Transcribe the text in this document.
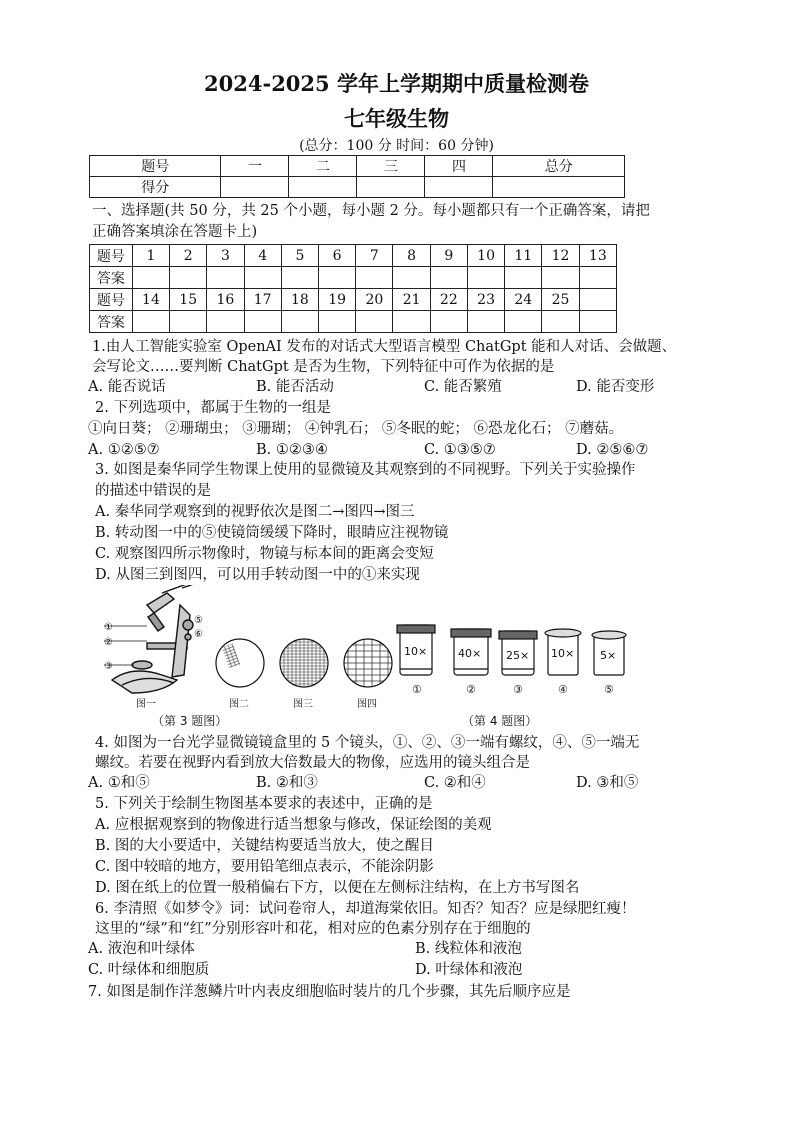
2024-2025 学年上学期期中质量检测卷
七年级生物
(总分：100 分 时间：60 分钟)
题号	一	二	三	四	总分
得分					
一、选择题(共 50 分，共 25 个小题，每小题 2 分。每小题都只有一个正确答案，请把
正确答案填涂在答题卡上)
题号	1	2	3	4	5	6	7	8	9	10	11	12	13
答案													
题号	14	15	16	17	18	19	20	21	22	23	24	25	
答案													
1.由人工智能实验室 OpenAI 发布的对话式大型语言模型 ChatGpt 能和人对话、会做题、
会写论文……要判断 ChatGpt 是否为生物，下列特征中可作为依据的是
A. 能否说话	B. 能否活动	C. 能否繁殖	D. 能否变形
2. 下列选项中，都属于生物的一组是
①向日葵； ②珊瑚虫； ③珊瑚； ④钟乳石； ⑤冬眠的蛇； ⑥恐龙化石； ⑦蘑菇。
A. ①②⑤⑦	B. ①②③④	C. ①③⑤⑦	D. ②⑤⑥⑦
3. 如图是秦华同学生物课上使用的显微镜及其观察到的不同视野。下列关于实验操作
的描述中错误的是
A. 秦华同学观察到的视野依次是图二→图四→图三
B. 转动图一中的⑤使镜筒缓缓下降时，眼睛应注视物镜
C. 观察图四所示物像时，物镜与标本间的距离会变短
D. 从图三到图四，可以用手转动图一中的①来实现
①
②
③
⑤
⑥
图一	图二	图三	图四
10×	40× 25× 10× 5×
①	②	③	④	⑤
（第 3 题图）	（第 4 题图）
4. 如图为一台光学显微镜镜盒里的 5 个镜头，①、②、③一端有螺纹，④、⑤一端无
螺纹。若要在视野内看到放大倍数最大的物像，应选用的镜头组合是
A. ①和⑤	B. ②和③	C. ②和④	D. ③和⑤
5. 下列关于绘制生物图基本要求的表述中，正确的是
A. 应根据观察到的物像进行适当想象与修改，保证绘图的美观
B. 图的大小要适中，关键结构要适当放大，使之醒目
C. 图中较暗的地方，要用铅笔细点表示，不能涂阴影
D. 图在纸上的位置一般稍偏右下方，以便在左侧标注结构，在上方书写图名
6. 李清照《如梦令》词：试问卷帘人，却道海棠依旧。知否？知否？应是绿肥红瘦！
这里的“绿”和“红”分别形容叶和花，相对应的色素分别存在于细胞的
A. 液泡和叶绿体	B. 线粒体和液泡
C. 叶绿体和细胞质	D. 叶绿体和液泡
7. 如图是制作洋葱鳞片叶内表皮细胞临时装片的几个步骤，其先后顺序应是
